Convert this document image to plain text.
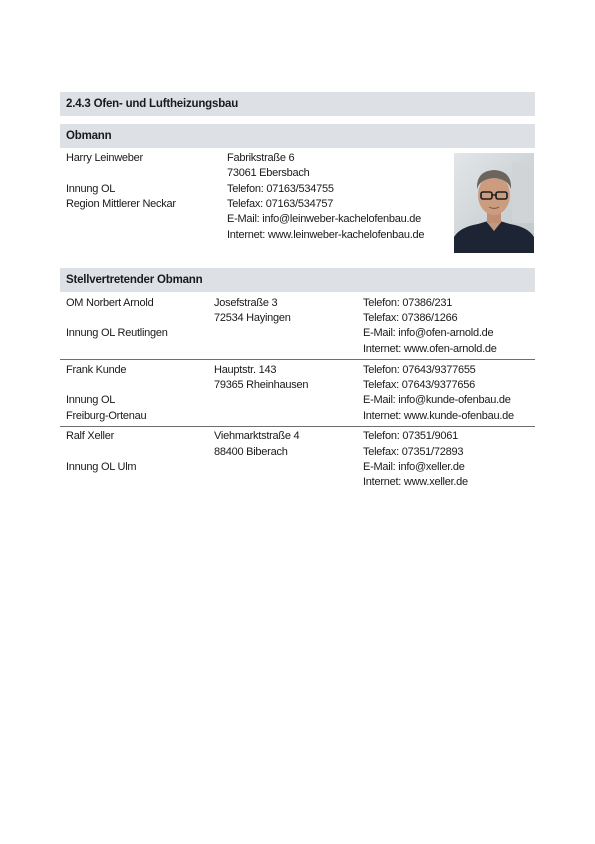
2.4.3 Ofen- und Luftheizungsbau
Obmann
Harry Leinweber
Innung OL
Region Mittlerer Neckar
Fabrikstraße 6
73061 Ebersbach
Telefon: 07163/534755
Telefax: 07163/534757
E-Mail: info@leinweber-kachelofenbau.de
Internet: www.leinweber-kachelofenbau.de
Stellvertretender Obmann
OM Norbert Arnold
Innung OL Reutlingen
Josefstraße 3
72534 Hayingen
Telefon: 07386/231
Telefax: 07386/1266
E-Mail: info@ofen-arnold.de
Internet: www.ofen-arnold.de
Frank Kunde
Innung OL
Freiburg-Ortenau
Hauptstr. 143
79365 Rheinhausen
Telefon: 07643/9377655
Telefax: 07643/9377656
E-Mail: info@kunde-ofenbau.de
Internet: www.kunde-ofenbau.de
Ralf Xeller
Innung OL Ulm
Viehmarktstraße 4
88400 Biberach
Telefon: 07351/9061
Telefax: 07351/72893
E-Mail: info@xeller.de
Internet: www.xeller.de
